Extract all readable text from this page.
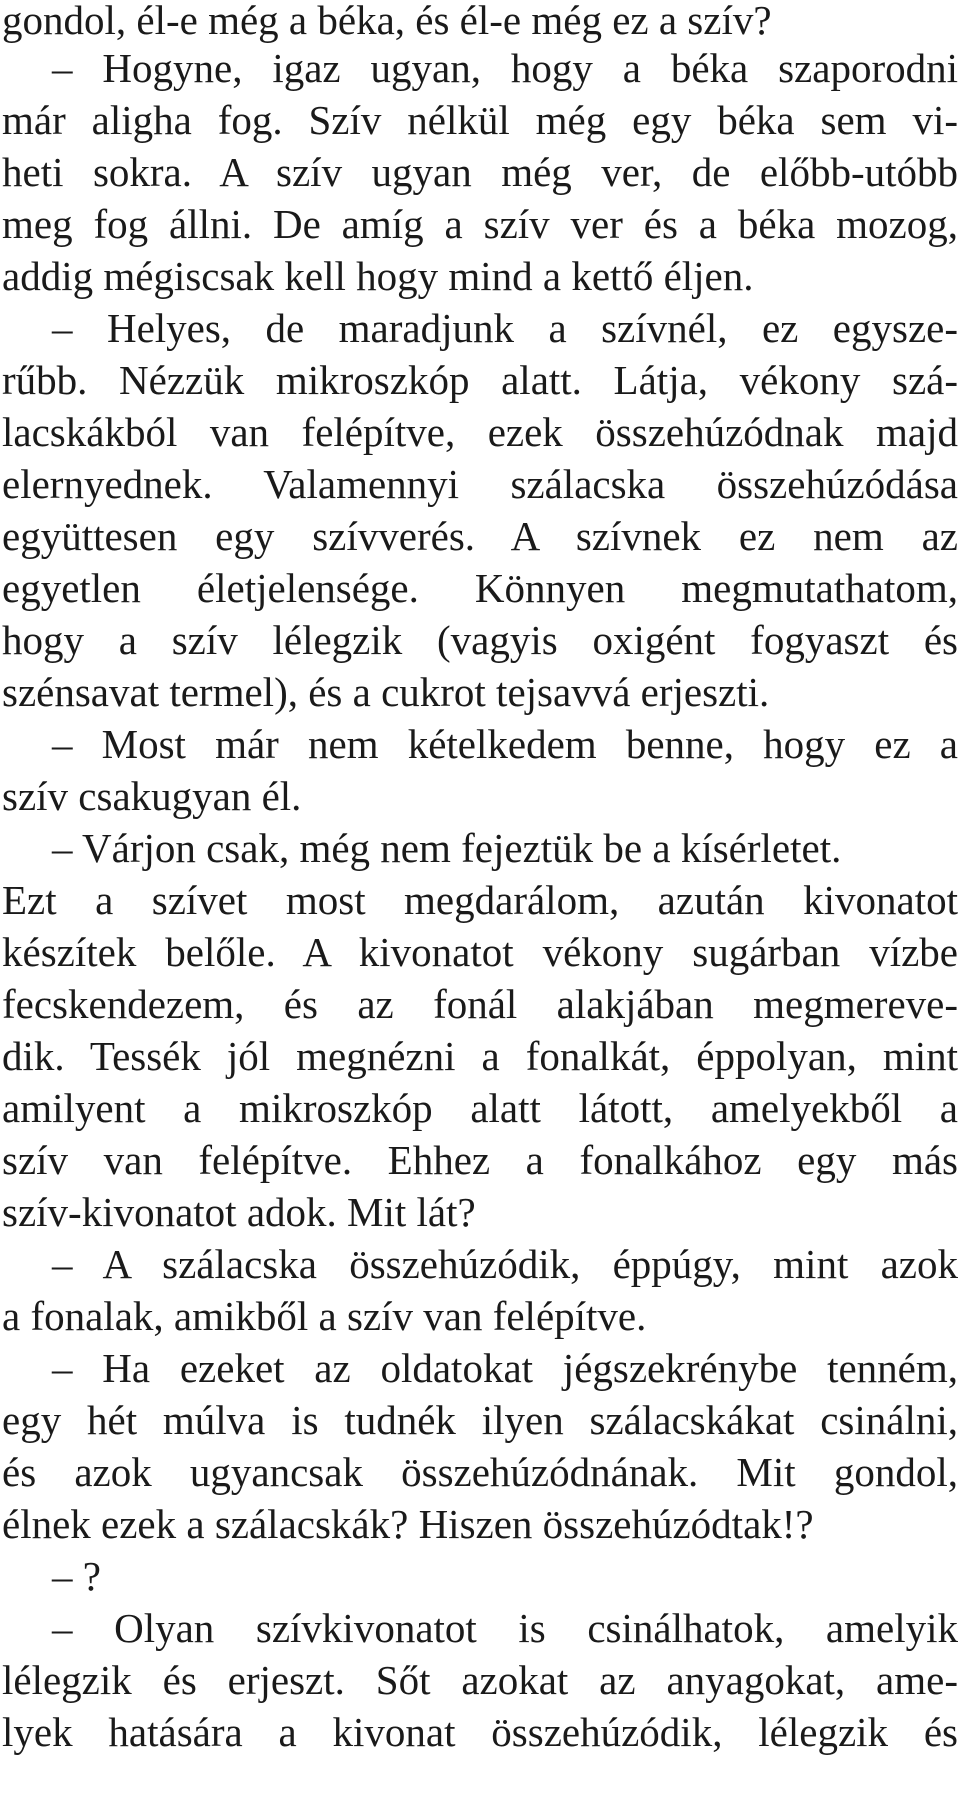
gondol, él-e még a béka, és él-e még ez a szív?
– Hogyne, igaz ugyan, hogy a béka szaporodni
már aligha fog. Szív nélkül még egy béka sem vi-
heti sokra. A szív ugyan még ver, de előbb-utóbb
meg fog állni. De amíg a szív ver és a béka mozog,
addig mégiscsak kell hogy mind a kettő éljen.
– Helyes, de maradjunk a szívnél, ez egysze-
rűbb. Nézzük mikroszkóp alatt. Látja, vékony szá-
lacskákból van felépítve, ezek összehúzódnak majd
elernyednek. Valamennyi szálacska összehúzódása
együttesen egy szívverés. A szívnek ez nem az
egyetlen életjelensége. Könnyen megmutathatom,
hogy a szív lélegzik (vagyis oxigént fogyaszt és
szénsavat termel), és a cukrot tejsavvá erjeszti.
– Most már nem kételkedem benne, hogy ez a
szív csakugyan él.
– Várjon csak, még nem fejeztük be a kísérletet.
Ezt a szívet most megdarálom, azután kivonatot
készítek belőle. A kivonatot vékony sugárban vízbe
fecskendezem, és az fonál alakjában megmereve-
dik. Tessék jól megnézni a fonalkát, éppolyan, mint
amilyent a mikroszkóp alatt látott, amelyekből a
szív van felépítve. Ehhez a fonalkához egy más
szív-kivonatot adok. Mit lát?
– A szálacska összehúzódik, éppúgy, mint azok
a fonalak, amikből a szív van felépítve.
– Ha ezeket az oldatokat jégszekrénybe tenném,
egy hét múlva is tudnék ilyen szálacskákat csinálni,
és azok ugyancsak összehúzódnának. Mit gondol,
élnek ezek a szálacskák? Hiszen összehúzódtak!?
– ?
– Olyan szívkivonatot is csinálhatok, amelyik
lélegzik és erjeszt. Sőt azokat az anyagokat, ame-
lyek hatására a kivonat összehúzódik, lélegzik és
